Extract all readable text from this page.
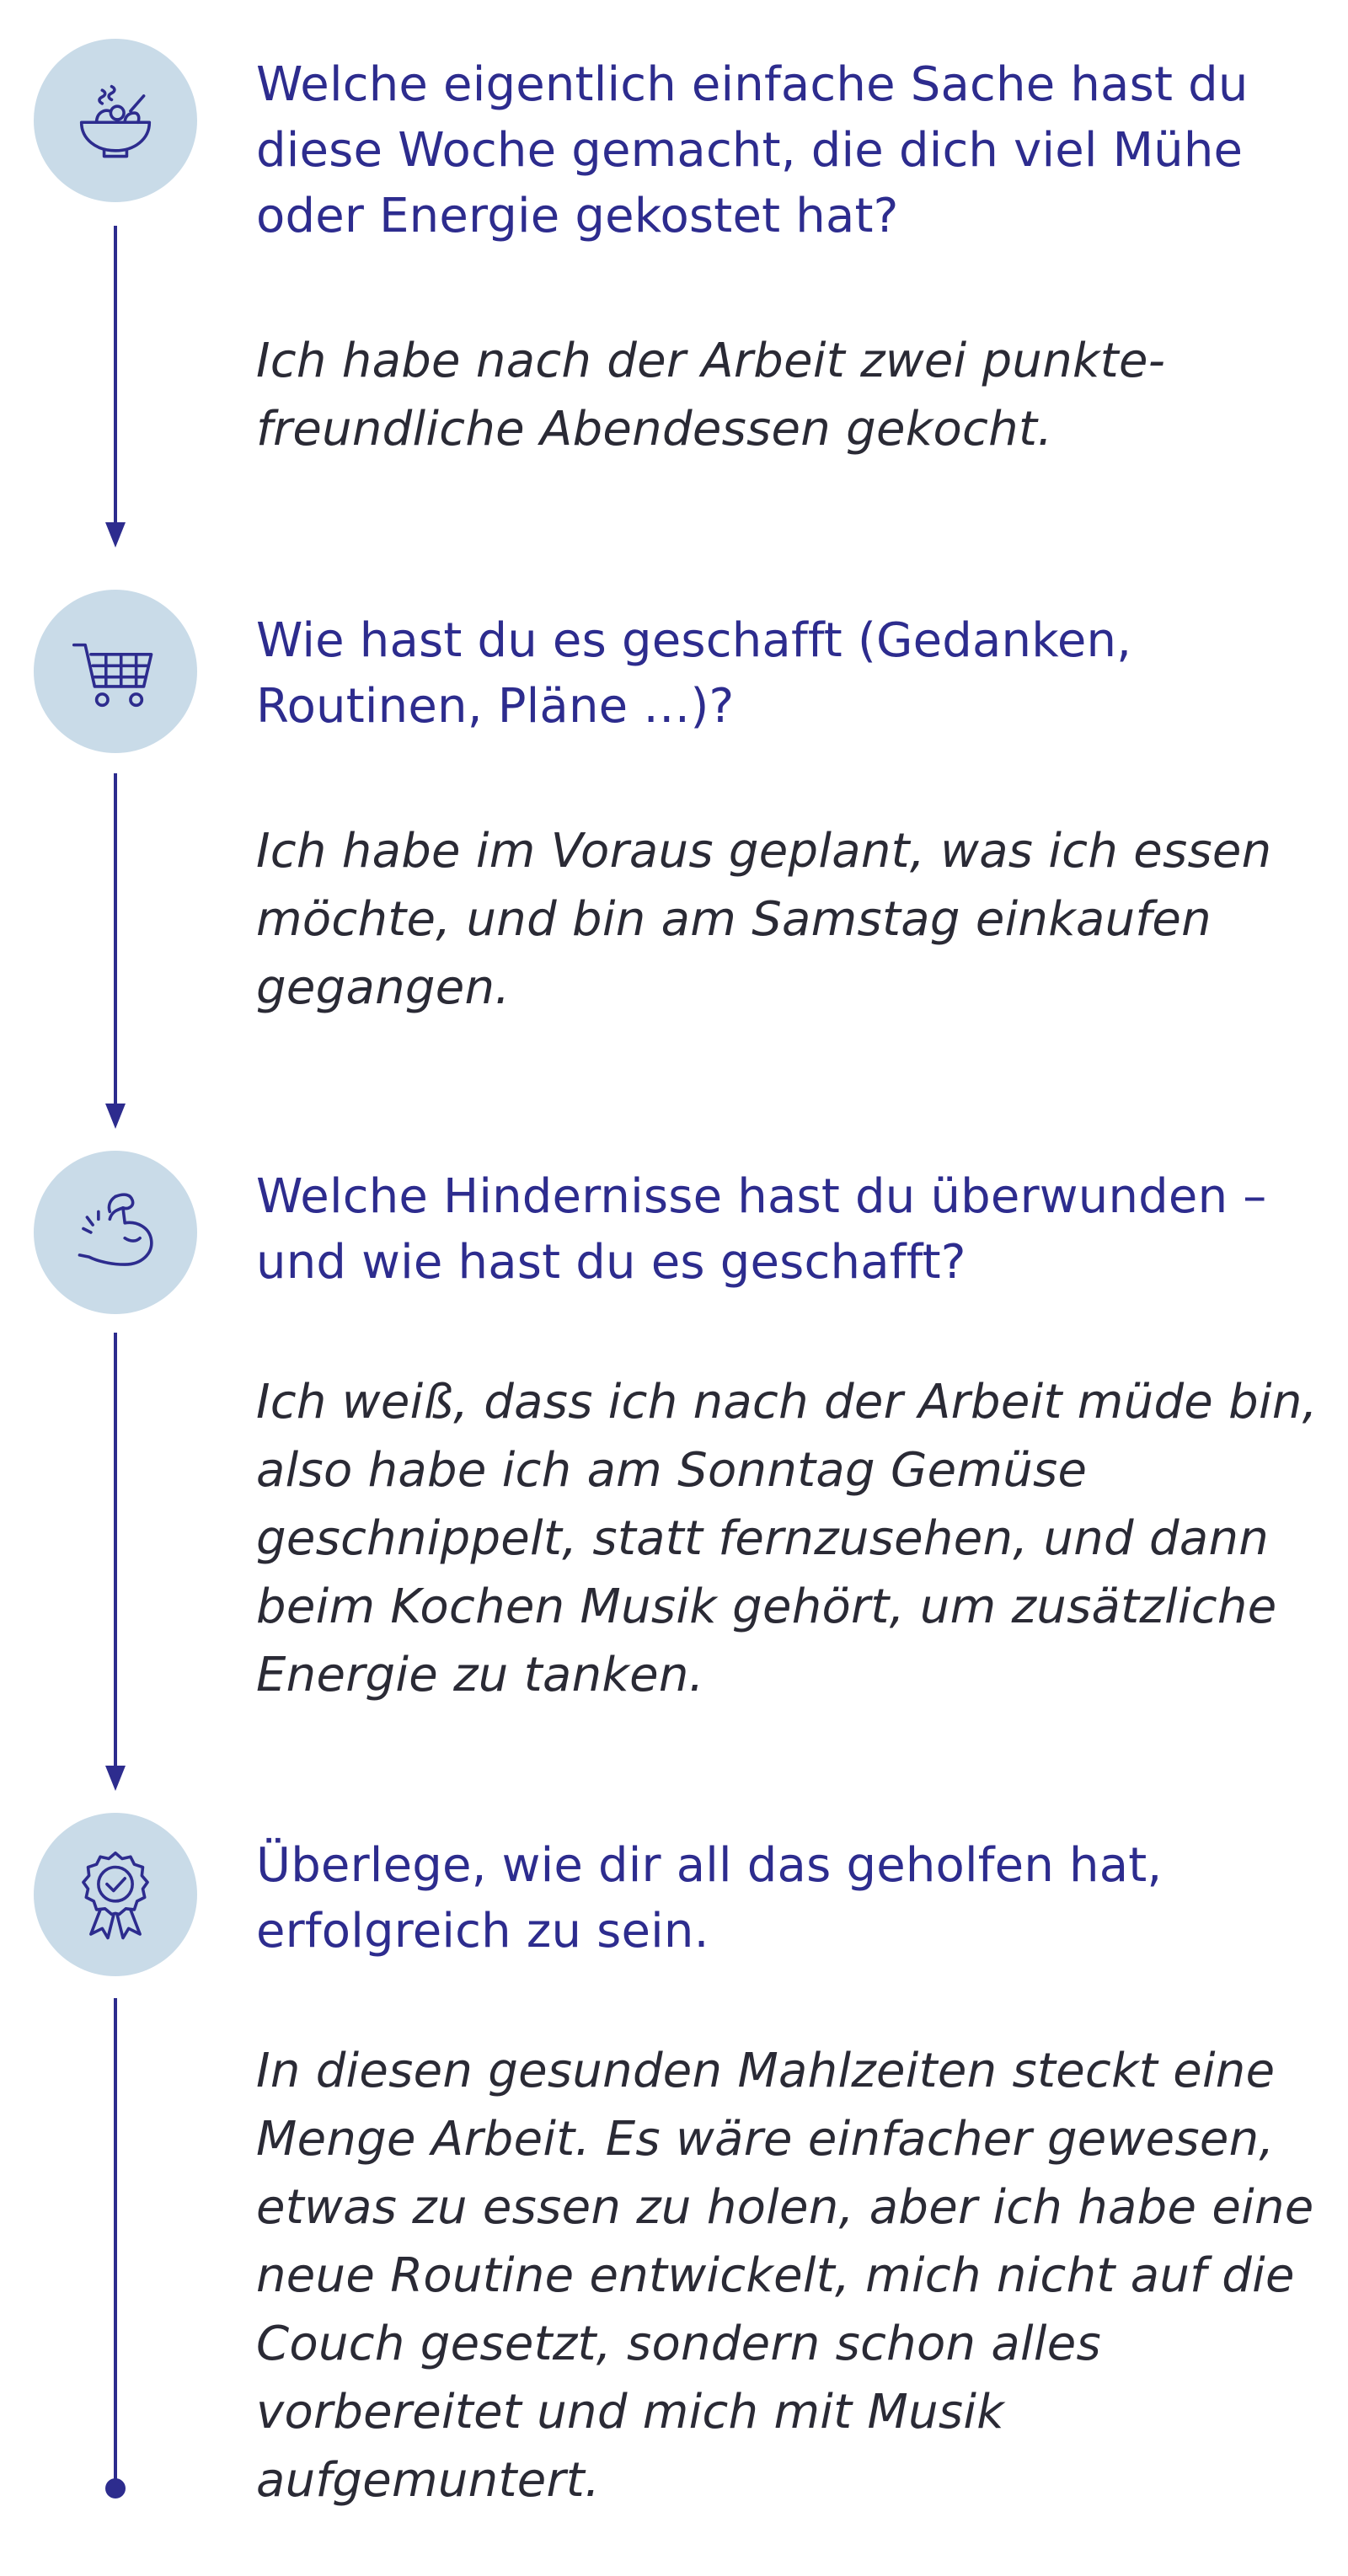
Welche eigentlich einfache Sache hast du diese Woche gemacht, die dich viel Mühe oder Energie gekostet hat?

Ich habe nach der Arbeit zwei punkte-freundliche Abendessen gekocht.

Wie hast du es geschafft (Gedanken, Routinen, Pläne …)?

Ich habe im Voraus geplant, was ich essen möchte, und bin am Samstag einkaufen gegangen.

Welche Hindernisse hast du überwunden – und wie hast du es geschafft?

Ich weiß, dass ich nach der Arbeit müde bin, also habe ich am Sonntag Gemüse geschnippelt, statt fernzusehen, und dann beim Kochen Musik gehört, um zusätzliche Energie zu tanken.

Überlege, wie dir all das geholfen hat, erfolgreich zu sein.

In diesen gesunden Mahlzeiten steckt eine Menge Arbeit. Es wäre einfacher gewesen, etwas zu essen zu holen, aber ich habe eine neue Routine entwickelt, mich nicht auf die Couch gesetzt, sondern schon alles vorbereitet und mich mit Musik aufgemuntert.
